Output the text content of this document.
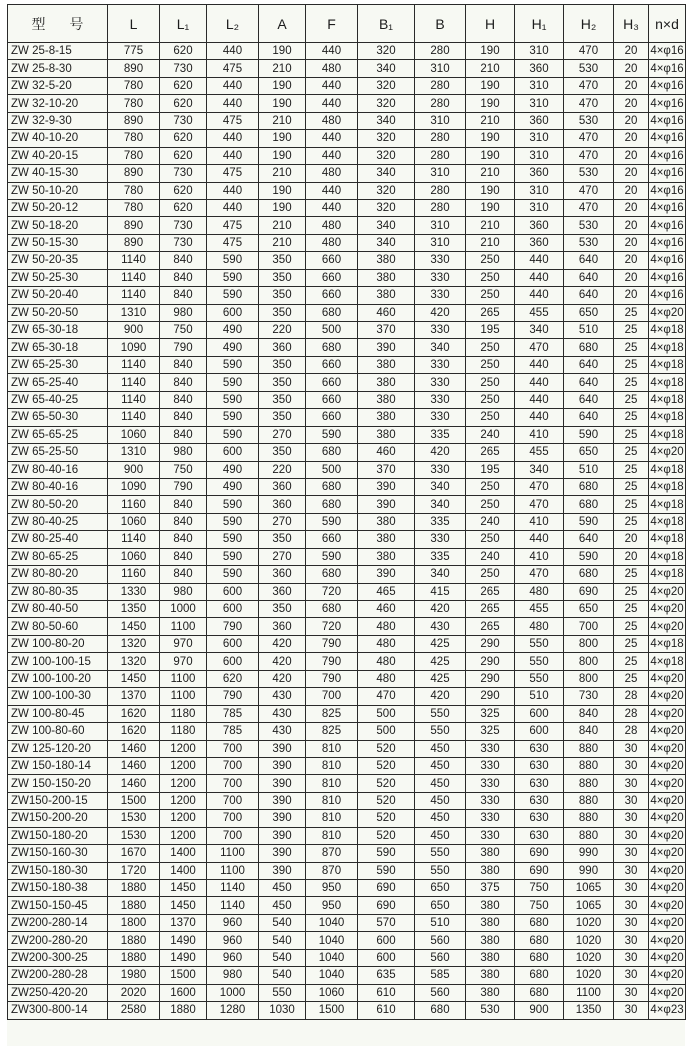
型 号	L	L₁	L₂	A	F	B₁	B	H	H₁	H₂	H₃	n×d
ZW 25-8-15	775	620	440	190	440	320	280	190	310	470	20	4×φ16
ZW 25-8-30	890	730	475	210	480	340	310	210	360	530	20	4×φ16
ZW 32-5-20	780	620	440	190	440	320	280	190	310	470	20	4×φ16
ZW 32-10-20	780	620	440	190	440	320	280	190	310	470	20	4×φ16
ZW 32-9-30	890	730	475	210	480	340	310	210	360	530	20	4×φ16
ZW 40-10-20	780	620	440	190	440	320	280	190	310	470	20	4×φ16
ZW 40-20-15	780	620	440	190	440	320	280	190	310	470	20	4×φ16
ZW 40-15-30	890	730	475	210	480	340	310	210	360	530	20	4×φ16
ZW 50-10-20	780	620	440	190	440	320	280	190	310	470	20	4×φ16
ZW 50-20-12	780	620	440	190	440	320	280	190	310	470	20	4×φ16
ZW 50-18-20	890	730	475	210	480	340	310	210	360	530	20	4×φ16
ZW 50-15-30	890	730	475	210	480	340	310	210	360	530	20	4×φ16
ZW 50-20-35	1140	840	590	350	660	380	330	250	440	640	20	4×φ16
ZW 50-25-30	1140	840	590	350	660	380	330	250	440	640	20	4×φ16
ZW 50-20-40	1140	840	590	350	660	380	330	250	440	640	20	4×φ16
ZW 50-20-50	1310	980	600	350	680	460	420	265	455	650	25	4×φ20
ZW 65-30-18	900	750	490	220	500	370	330	195	340	510	25	4×φ18
ZW 65-30-18	1090	790	490	360	680	390	340	250	470	680	25	4×φ18
ZW 65-25-30	1140	840	590	350	660	380	330	250	440	640	25	4×φ18
ZW 65-25-40	1140	840	590	350	660	380	330	250	440	640	25	4×φ18
ZW 65-40-25	1140	840	590	350	660	380	330	250	440	640	25	4×φ18
ZW 65-50-30	1140	840	590	350	660	380	330	250	440	640	25	4×φ18
ZW 65-65-25	1060	840	590	270	590	380	335	240	410	590	25	4×φ18
ZW 65-25-50	1310	980	600	350	680	460	420	265	455	650	25	4×φ20
ZW 80-40-16	900	750	490	220	500	370	330	195	340	510	25	4×φ18
ZW 80-40-16	1090	790	490	360	680	390	340	250	470	680	25	4×φ18
ZW 80-50-20	1160	840	590	360	680	390	340	250	470	680	25	4×φ18
ZW 80-40-25	1060	840	590	270	590	380	335	240	410	590	25	4×φ18
ZW 80-25-40	1140	840	590	350	660	380	330	250	440	640	20	4×φ18
ZW 80-65-25	1060	840	590	270	590	380	335	240	410	590	20	4×φ18
ZW 80-80-20	1160	840	590	360	680	390	340	250	470	680	25	4×φ18
ZW 80-80-35	1330	980	600	360	720	465	415	265	480	690	25	4×φ20
ZW 80-40-50	1350	1000	600	350	680	460	420	265	455	650	25	4×φ20
ZW 80-50-60	1450	1100	790	360	720	480	430	265	480	700	25	4×φ20
ZW 100-80-20	1320	970	600	420	790	480	425	290	550	800	25	4×φ18
ZW 100-100-15	1320	970	600	420	790	480	425	290	550	800	25	4×φ18
ZW 100-100-20	1450	1100	620	420	790	480	425	290	550	800	25	4×φ20
ZW 100-100-30	1370	1100	790	430	700	470	420	290	510	730	28	4×φ20
ZW 100-80-45	1620	1180	785	430	825	500	550	325	600	840	28	4×φ20
ZW 100-80-60	1620	1180	785	430	825	500	550	325	600	840	28	4×φ20
ZW 125-120-20	1460	1200	700	390	810	520	450	330	630	880	30	4×φ20
ZW 150-180-14	1460	1200	700	390	810	520	450	330	630	880	30	4×φ20
ZW 150-150-20	1460	1200	700	390	810	520	450	330	630	880	30	4×φ20
ZW150-200-15	1500	1200	700	390	810	520	450	330	630	880	30	4×φ20
ZW150-200-20	1530	1200	700	390	810	520	450	330	630	880	30	4×φ20
ZW150-180-20	1530	1200	700	390	810	520	450	330	630	880	30	4×φ20
ZW150-160-30	1670	1400	1100	390	870	590	550	380	690	990	30	4×φ20
ZW150-180-30	1720	1400	1100	390	870	590	550	380	690	990	30	4×φ20
ZW150-180-38	1880	1450	1140	450	950	690	650	375	750	1065	30	4×φ20
ZW150-150-45	1880	1450	1140	450	950	690	650	380	750	1065	30	4×φ20
ZW200-280-14	1800	1370	960	540	1040	570	510	380	680	1020	30	4×φ20
ZW200-280-20	1880	1490	960	540	1040	600	560	380	680	1020	30	4×φ20
ZW200-300-25	1880	1490	960	540	1040	600	560	380	680	1020	30	4×φ20
ZW200-280-28	1980	1500	980	540	1040	635	585	380	680	1020	30	4×φ20
ZW250-420-20	2020	1600	1000	550	1060	610	560	380	680	1100	30	4×φ20
ZW300-800-14	2580	1880	1280	1030	1500	610	680	530	900	1350	30	4×φ23
